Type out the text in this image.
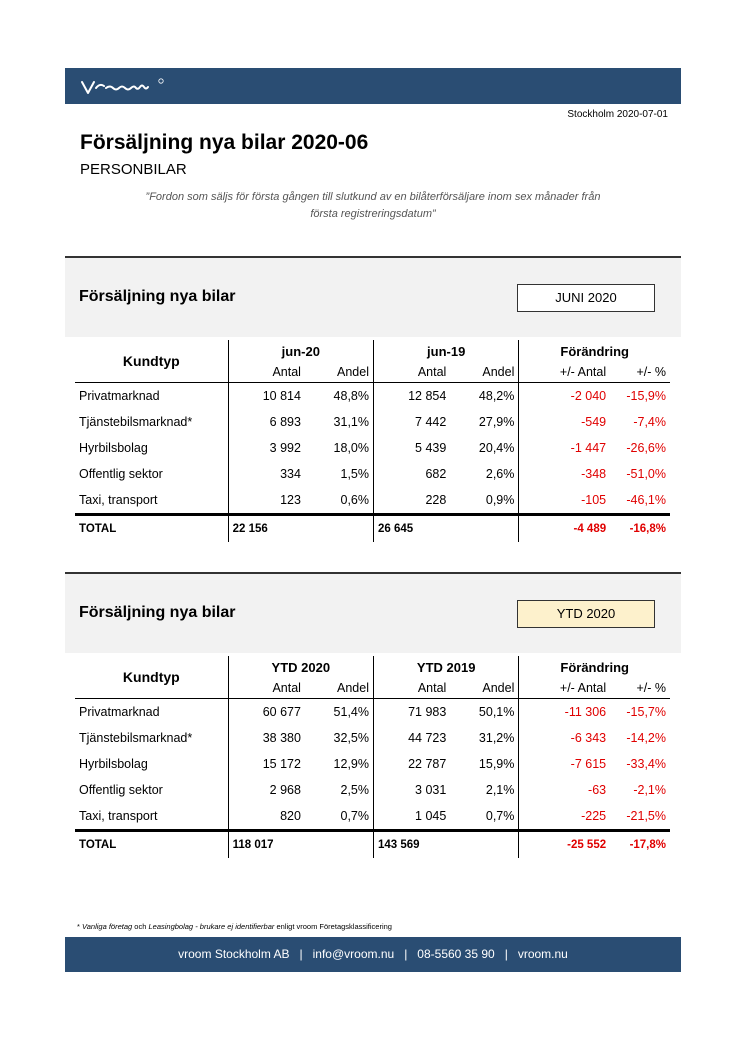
Stockholm 2020-07-01
Försäljning nya bilar 2020-06
PERSONBILAR
”Fordon som säljs för första gången till slutkund av en bilåterförsäljare inom sex månader från
första registreringsdatum”
Försäljning nya bilar	JUNI 2020
Kundtyp	jun-20		jun-19		Förändring	
	Antal	Andel	Antal	Andel	+/- Antal	+/- %
Privatmarknad	10 814	48,8%	12 854	48,2%	-2 040	-15,9%
Tjänstebilsmarknad*	6 893	31,1%	7 442	27,9%	-549	-7,4%
Hyrbilsbolag	3 992	18,0%	5 439	20,4%	-1 447	-26,6%
Offentlig sektor	334	1,5%	682	2,6%	-348	-51,0%
Taxi, transport	123	0,6%	228	0,9%	-105	-46,1%
TOTAL	22 156		26 645		-4 489	-16,8%
Försäljning nya bilar	YTD 2020
Kundtyp	YTD 2020		YTD 2019		Förändring	
	Antal	Andel	Antal	Andel	+/- Antal	+/- %
Privatmarknad	60 677	51,4%	71 983	50,1%	-11 306	-15,7%
Tjänstebilsmarknad*	38 380	32,5%	44 723	31,2%	-6 343	-14,2%
Hyrbilsbolag	15 172	12,9%	22 787	15,9%	-7 615	-33,4%
Offentlig sektor	2 968	2,5%	3 031	2,1%	-63	-2,1%
Taxi, transport	820	0,7%	1 045	0,7%	-225	-21,5%
TOTAL	118 017		143 569		-25 552	-17,8%
* Vanliga företag och Leasingbolag - brukare ej identifierbar enligt vroom Företagsklassificering
vroom Stockholm AB   |   info@vroom.nu   |   08-5560 35 90   |   vroom.nu
